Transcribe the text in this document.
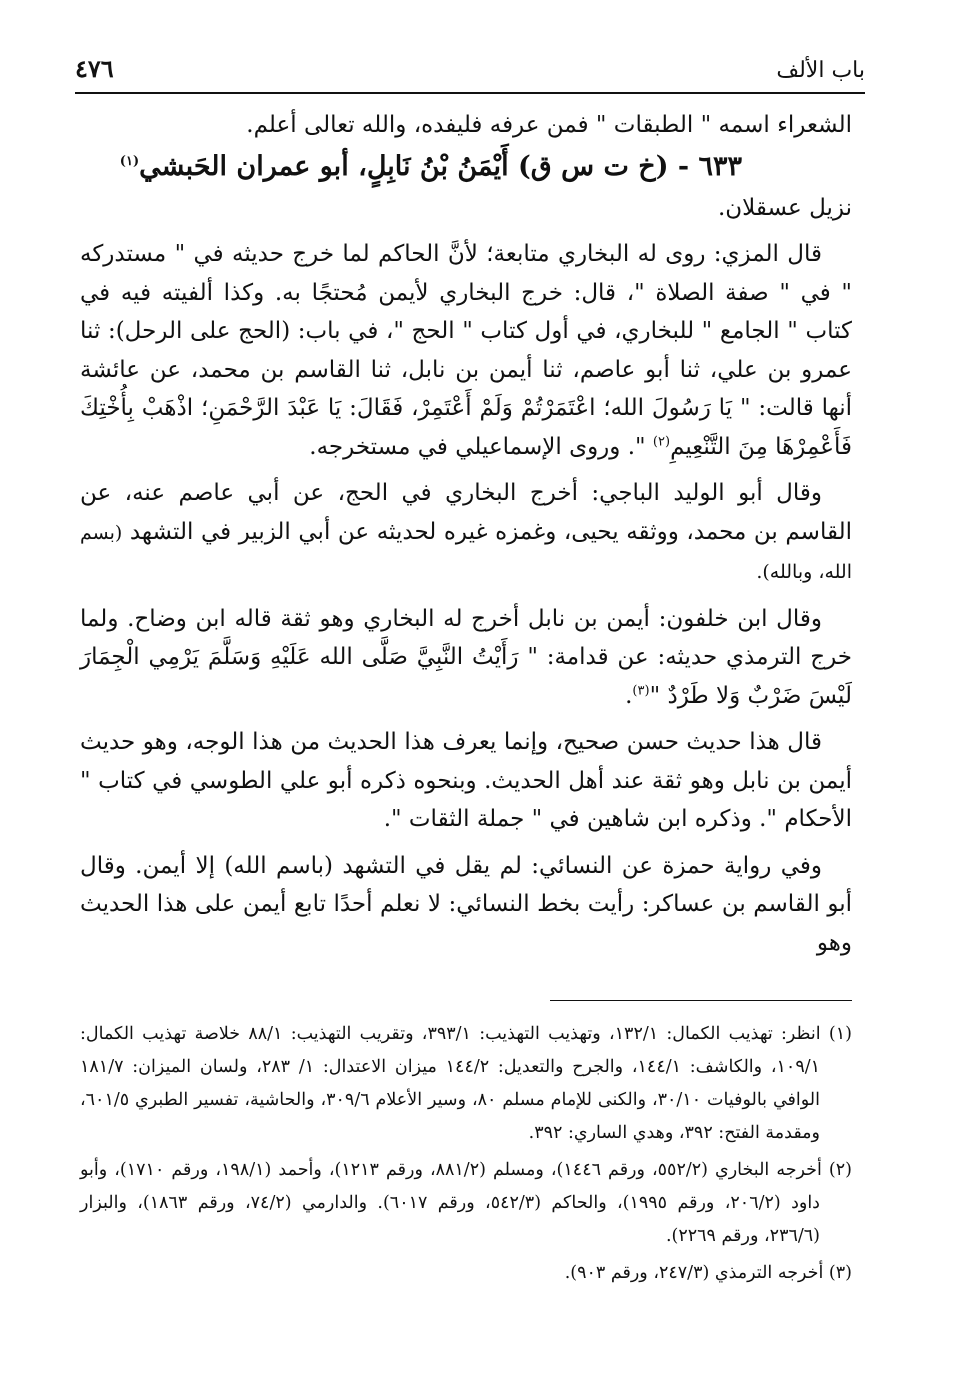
باب الألف
٤٧٦

الشعراء اسمه " الطبقات " فمن عرفه فليفده، والله تعالى أعلم.

٦٣٣ - (خ ت س ق) أَيْمَنُ بْنُ نَابِلٍ، أبو عمران الحَبشي$^{(١)}$

نزيل عسقلان.

قال المزي: روى له البخاري متابعة؛ لأنَّ الحاكم لما خرج حديثه في " مستدركه " في " صفة الصلاة "، قال: خرج البخاري لأيمن مُحتجًا به. وكذا ألفيته فيه في كتاب " الجامع " للبخاري، في أول كتاب " الحج "، في باب: (الحج على الرحل): ثنا عمرو بن علي، ثنا أبو عاصم، ثنا أيمن بن نابل، ثنا القاسم بن محمد، عن عائشة أنها قالت: " يَا رَسُولَ الله؛ اعْتَمَرْتُمْ وَلَمْ أَعْتَمِرْ، فَقَالَ: يَا عَبْدَ الرَّحْمَنِ؛ اذْهَبْ بِأُخْتِكَ فَأَعْمِرْهَا مِنَ التَّنْعِيمِ$^{(٢)}$ ". وروى الإسماعيلي في مستخرجه.

وقال أبو الوليد الباجي: أخرج البخاري في الحج، عن أبي عاصم عنه، عن القاسم بن محمد، ووثقه يحيى، وغمزه غيره لحديثه عن أبي الزبير في التشهد (بسم الله، وبالله).

وقال ابن خلفون: أيمن بن نابل أخرج له البخاري وهو ثقة قاله ابن وضاح. ولما خرج الترمذي حديثه: عن قدامة: " رَأَيْتُ النَّبِيَّ صَلَّى الله عَلَيْهِ وَسَلَّمَ يَرْمِي الْجِمَارَ لَيْسَ ضَرْبٌ وَلا طَرْدٌ "$^{(٣)}$.

قال هذا حديث حسن صحيح، وإنما يعرف هذا الحديث من هذا الوجه، وهو حديث أيمن بن نابل وهو ثقة عند أهل الحديث. وبنحوه ذكره أبو علي الطوسي في كتاب " الأحكام ". وذكره ابن شاهين في " جملة الثقات ".

وفي رواية حمزة عن النسائي: لم يقل في التشهد (باسم الله) إلا أيمن. وقال أبو القاسم بن عساكر: رأيت بخط النسائي: لا نعلم أحدًا تابع أيمن على هذا الحديث وهو

(١) انظر: تهذيب الكمال: ١٣٢/١، وتهذيب التهذيب: ٣٩٣/١، وتقريب التهذيب: ٨٨/١ خلاصة تهذيب الكمال: ١٠٩/١، والكاشف: ١٤٤/١، والجرح والتعديل: ١٤٤/٢ ميزان الاعتدال: ١/ ٢٨٣، ولسان الميزان: ١٨١/٧ الوافي بالوفيات ٣٠/١٠، والكنى للإمام مسلم ٨٠، وسير الأعلام ٣٠٩/٦، والحاشية، تفسير الطبري ٦٠١/٥، ومقدمة الفتح: ٣٩٢، وهدي الساري: ٣٩٢.

(٢) أخرجه البخاري (٥٥٢/٢، ورقم ١٤٤٦)، ومسلم (٨٨١/٢، ورقم ١٢١٣)، وأحمد (١٩٨/١، ورقم ١٧١٠)، وأبو داود (٢٠٦/٢، ورقم ١٩٩٥)، والحاكم (٥٤٢/٣، ورقم ٦٠١٧). والدارمي (٧٤/٢، ورقم ١٨٦٣)، والبزار (٢٣٦/٦، ورقم ٢٢٦٩).

(٣) أخرجه الترمذي (٢٤٧/٣، ورقم ٩٠٣).
